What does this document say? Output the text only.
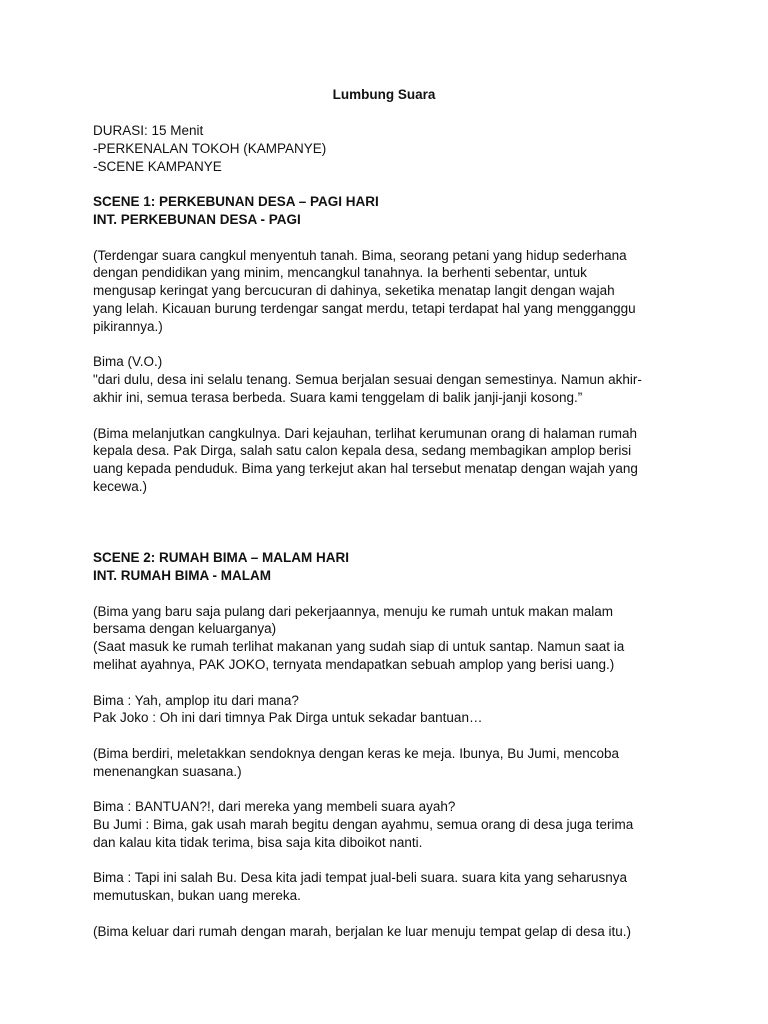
Lumbung Suara

DURASI: 15 Menit
-PERKENALAN TOKOH (KAMPANYE)
-SCENE KAMPANYE
SCENE 1: PERKEBUNAN DESA – PAGI HARI
INT. PERKEBUNAN DESA - PAGI
(Terdengar suara cangkul menyentuh tanah. Bima, seorang petani yang hidup sederhana
dengan pendidikan yang minim, mencangkul tanahnya. Ia berhenti sebentar, untuk
mengusap keringat yang bercucuran di dahinya, seketika menatap langit dengan wajah
yang lelah. Kicauan burung terdengar sangat merdu, tetapi terdapat hal yang mengganggu
pikirannya.)
Bima (V.O.)
"dari dulu, desa ini selalu tenang. Semua berjalan sesuai dengan semestinya. Namun akhir-
akhir ini, semua terasa berbeda. Suara kami tenggelam di balik janji-janji kosong.”
(Bima melanjutkan cangkulnya. Dari kejauhan, terlihat kerumunan orang di halaman rumah
kepala desa. Pak Dirga, salah satu calon kepala desa, sedang membagikan amplop berisi
uang kepada penduduk. Bima yang terkejut akan hal tersebut menatap dengan wajah yang
kecewa.)
SCENE 2: RUMAH BIMA – MALAM HARI
INT. RUMAH BIMA - MALAM
(Bima yang baru saja pulang dari pekerjaannya, menuju ke rumah untuk makan malam
bersama dengan keluarganya)
(Saat masuk ke rumah terlihat makanan yang sudah siap di untuk santap. Namun saat ia
melihat ayahnya, PAK JOKO, ternyata mendapatkan sebuah amplop yang berisi uang.)
Bima : Yah, amplop itu dari mana?
Pak Joko : Oh ini dari timnya Pak Dirga untuk sekadar bantuan…
(Bima berdiri, meletakkan sendoknya dengan keras ke meja. Ibunya, Bu Jumi, mencoba
menenangkan suasana.)
Bima : BANTUAN?!, dari mereka yang membeli suara ayah?
Bu Jumi : Bima, gak usah marah begitu dengan ayahmu, semua orang di desa juga terima
dan kalau kita tidak terima, bisa saja kita diboikot nanti.
Bima : Tapi ini salah Bu. Desa kita jadi tempat jual-beli suara. suara kita yang seharusnya
memutuskan, bukan uang mereka.
(Bima keluar dari rumah dengan marah, berjalan ke luar menuju tempat gelap di desa itu.)
